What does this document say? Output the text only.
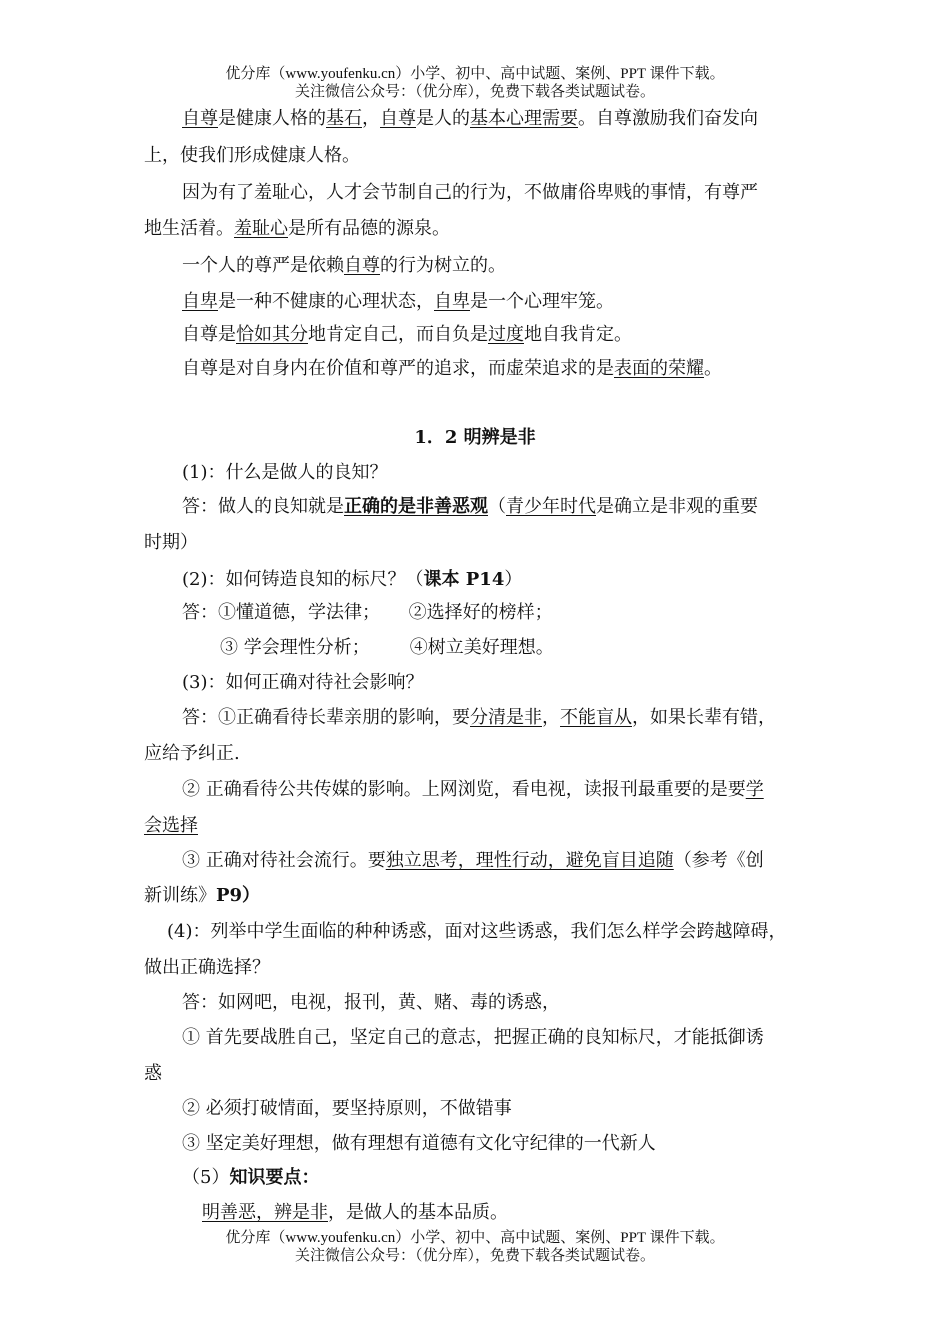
优分库（www.youfenku.cn）小学、初中、高中试题、案例、PPT 课件下载。
关注微信公众号：（优分库），免费下载各类试题试卷。
自尊是健康人格的基石，自尊是人的基本心理需要。自尊激励我们奋发向
上，使我们形成健康人格。
因为有了羞耻心，人才会节制自己的行为，不做庸俗卑贱的事情，有尊严
地生活着。羞耻心是所有品德的源泉。
一个人的尊严是依赖自尊的行为树立的。
自卑是一种不健康的心理状态，自卑是一个心理牢笼。
自尊是恰如其分地肯定自己，而自负是过度地自我肯定。
自尊是对自身内在价值和尊严的追求，而虚荣追求的是表面的荣耀。
1．2 明辨是非
(1)：什么是做人的良知？
答：做人的良知就是正确的是非善恶观（青少年时代是确立是非观的重要
时期）
(2)：如何铸造良知的标尺？（课本 P14）
答：①懂道德，学法律；     ②选择好的榜样；
③ 学会理性分析；       ④树立美好理想。
(3)：如何正确对待社会影响？
答：①正确看待长辈亲朋的影响，要分清是非，不能盲从，如果长辈有错，
应给予纠正.
② 正确看待公共传媒的影响。上网浏览，看电视，读报刊最重要的是要学
会选择
③ 正确对待社会流行。要独立思考，理性行动，避免盲目追随（参考《创
新训练》P9）
(4)：列举中学生面临的种种诱惑，面对这些诱惑，我们怎么样学会跨越障碍，
做出正确选择？
答：如网吧，电视，报刊，黄、赌、毒的诱惑，
① 首先要战胜自己，坚定自己的意志，把握正确的良知标尺，才能抵御诱
惑
② 必须打破情面，要坚持原则，不做错事
③ 坚定美好理想，做有理想有道德有文化守纪律的一代新人
（5）知识要点：
明善恶，辨是非，是做人的基本品质。
优分库（www.youfenku.cn）小学、初中、高中试题、案例、PPT 课件下载。
关注微信公众号：（优分库），免费下载各类试题试卷。
